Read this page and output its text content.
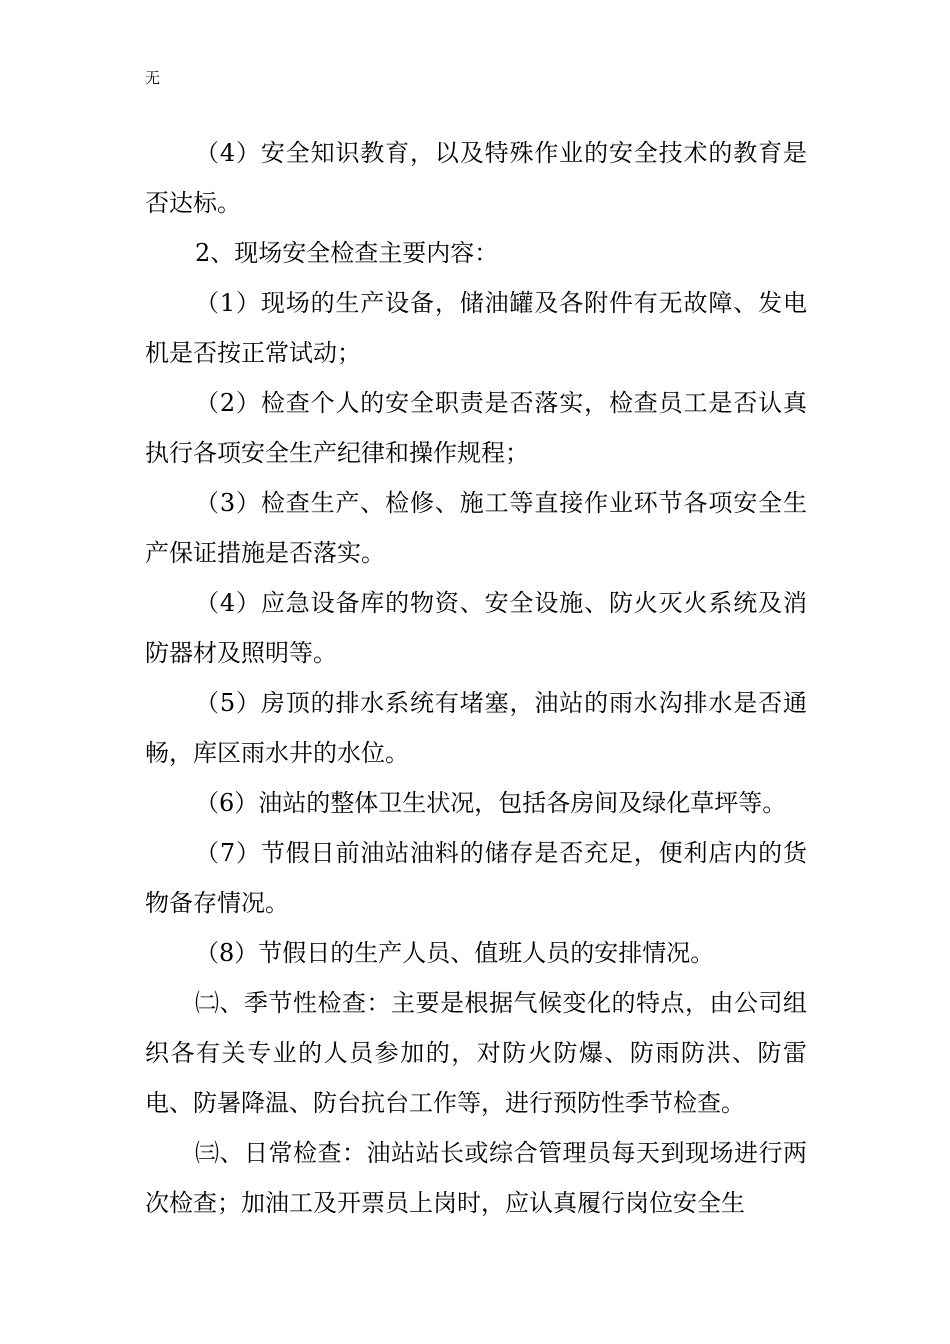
无

（4）安全知识教育，以及特殊作业的安全技术的教育是否达标。

2、现场安全检查主要内容：

（1）现场的生产设备，储油罐及各附件有无故障、发电机是否按正常试动；

（2）检查个人的安全职责是否落实，检查员工是否认真执行各项安全生产纪律和操作规程；

（3）检查生产、检修、施工等直接作业环节各项安全生产保证措施是否落实。

（4）应急设备库的物资、安全设施、防火灭火系统及消防器材及照明等。

（5）房顶的排水系统有堵塞，油站的雨水沟排水是否通畅，库区雨水井的水位。

（6）油站的整体卫生状况，包括各房间及绿化草坪等。

（7）节假日前油站油料的储存是否充足，便利店内的货物备存情况。

（8）节假日的生产人员、值班人员的安排情况。

㈡、季节性检查：主要是根据气候变化的特点，由公司组织各有关专业的人员参加的，对防火防爆、防雨防洪、防雷电、防暑降温、防台抗台工作等，进行预防性季节检查。

㈢、日常检查：油站站长或综合管理员每天到现场进行两次检查；加油工及开票员上岗时，应认真履行岗位安全生
